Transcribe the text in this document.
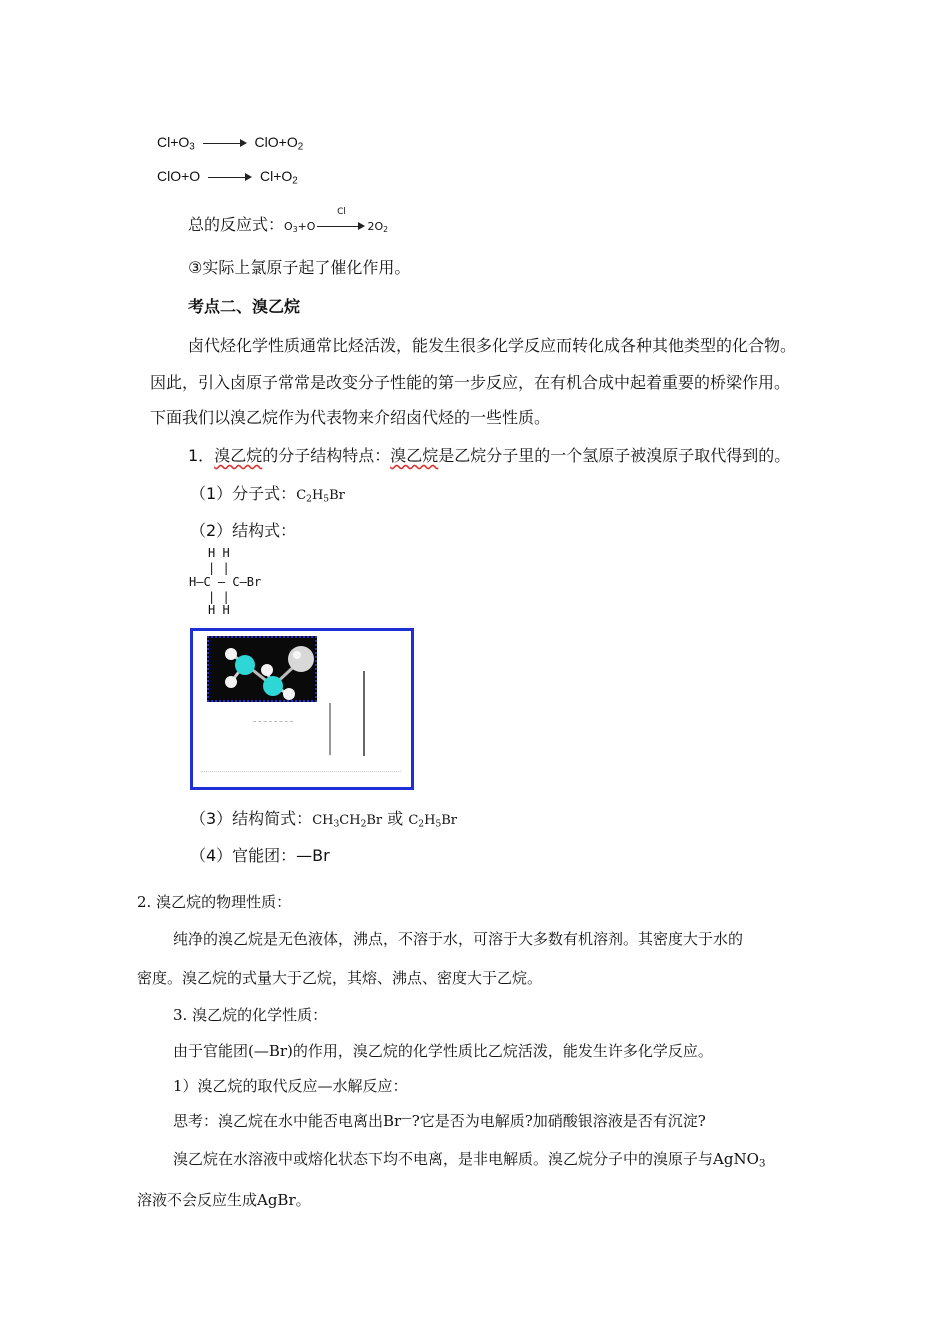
$Cl+O_3$	$ClO+O_2$
ClO+O	$Cl+O_2$
总的反应式：$O_3+O$
Cl
$2O_2$
③实际上氯原子起了催化作用。
考点二、溴乙烷
卤代烃化学性质通常比烃活泼，能发生很多化学反应而转化成各种其他类型的化合物。
因此，引入卤原子常常是改变分子性能的第一步反应，在有机合成中起着重要的桥梁作用。
下面我们以溴乙烷作为代表物来介绍卤代烃的一些性质。
1．溴乙烷的分子结构特点：溴乙烷是乙烷分子里的一个氢原子被溴原子取代得到的。
（1）分子式：$C_2H_5Br$
（2）结构式：
H H
| |
H—C — C—Br
| |
H H
（3）结构简式：$CH_3CH_2Br$ 或 $C_2H_5Br$
（4）官能团：—Br
2. 溴乙烷的物理性质：
纯净的溴乙烷是无色液体，沸点，不溶于水，可溶于大多数有机溶剂。其密度大于水的
密度。溴乙烷的式量大于乙烷，其熔、沸点、密度大于乙烷。
3. 溴乙烷的化学性质：
由于官能团(—Br)的作用，溴乙烷的化学性质比乙烷活泼，能发生许多化学反应。
1）溴乙烷的取代反应—水解反应：
思考：溴乙烷在水中能否电离出Br—?它是否为电解质?加硝酸银溶液是否有沉淀?
溴乙烷在水溶液中或熔化状态下均不电离，是非电解质。溴乙烷分子中的溴原子与AgNO$_3$
溶液不会反应生成AgBr。
